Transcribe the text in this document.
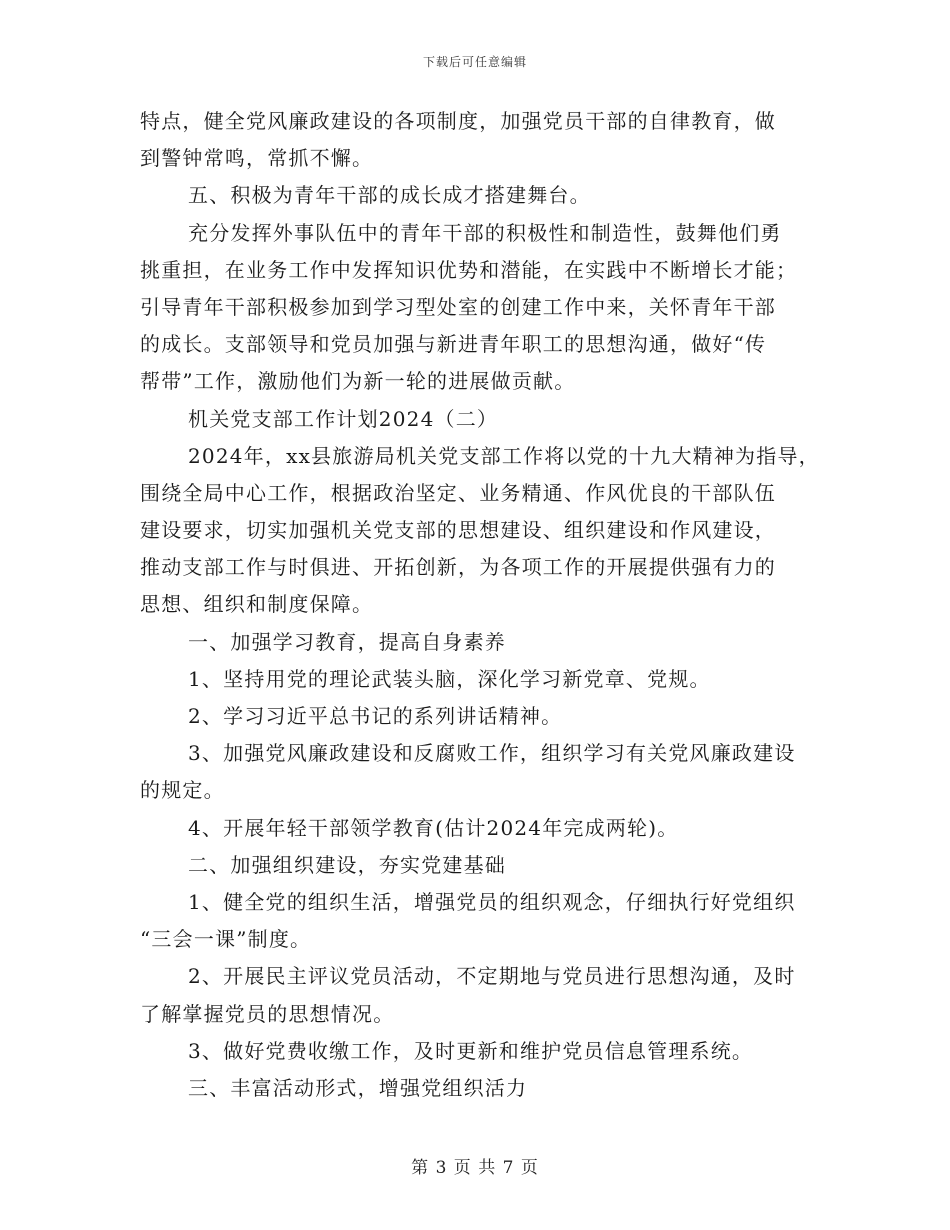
下载后可任意编辑
特点，健全党风廉政建设的各项制度，加强党员干部的自律教育，做
到警钟常鸣，常抓不懈。
五、积极为青年干部的成长成才搭建舞台。
充分发挥外事队伍中的青年干部的积极性和制造性，鼓舞他们勇
挑重担，在业务工作中发挥知识优势和潜能，在实践中不断增长才能；
引导青年干部积极参加到学习型处室的创建工作中来，关怀青年干部
的成长。支部领导和党员加强与新进青年职工的思想沟通，做好“传
帮带”工作，激励他们为新一轮的进展做贡献。
机关党支部工作计划2024（二）
2024年，xx县旅游局机关党支部工作将以党的十九大精神为指导，
围绕全局中心工作，根据政治坚定、业务精通、作风优良的干部队伍
建设要求，切实加强机关党支部的思想建设、组织建设和作风建设，
推动支部工作与时俱进、开拓创新，为各项工作的开展提供强有力的
思想、组织和制度保障。
一、加强学习教育，提高自身素养
1、坚持用党的理论武装头脑，深化学习新党章、党规。
2、学习习近平总书记的系列讲话精神。
3、加强党风廉政建设和反腐败工作，组织学习有关党风廉政建设
的规定。
4、开展年轻干部领学教育(估计2024年完成两轮)。
二、加强组织建设，夯实党建基础
1、健全党的组织生活，增强党员的组织观念，仔细执行好党组织
“三会一课”制度。
2、开展民主评议党员活动，不定期地与党员进行思想沟通，及时
了解掌握党员的思想情况。
3、做好党费收缴工作，及时更新和维护党员信息管理系统。
三、丰富活动形式，增强党组织活力
第 3 页 共 7 页
